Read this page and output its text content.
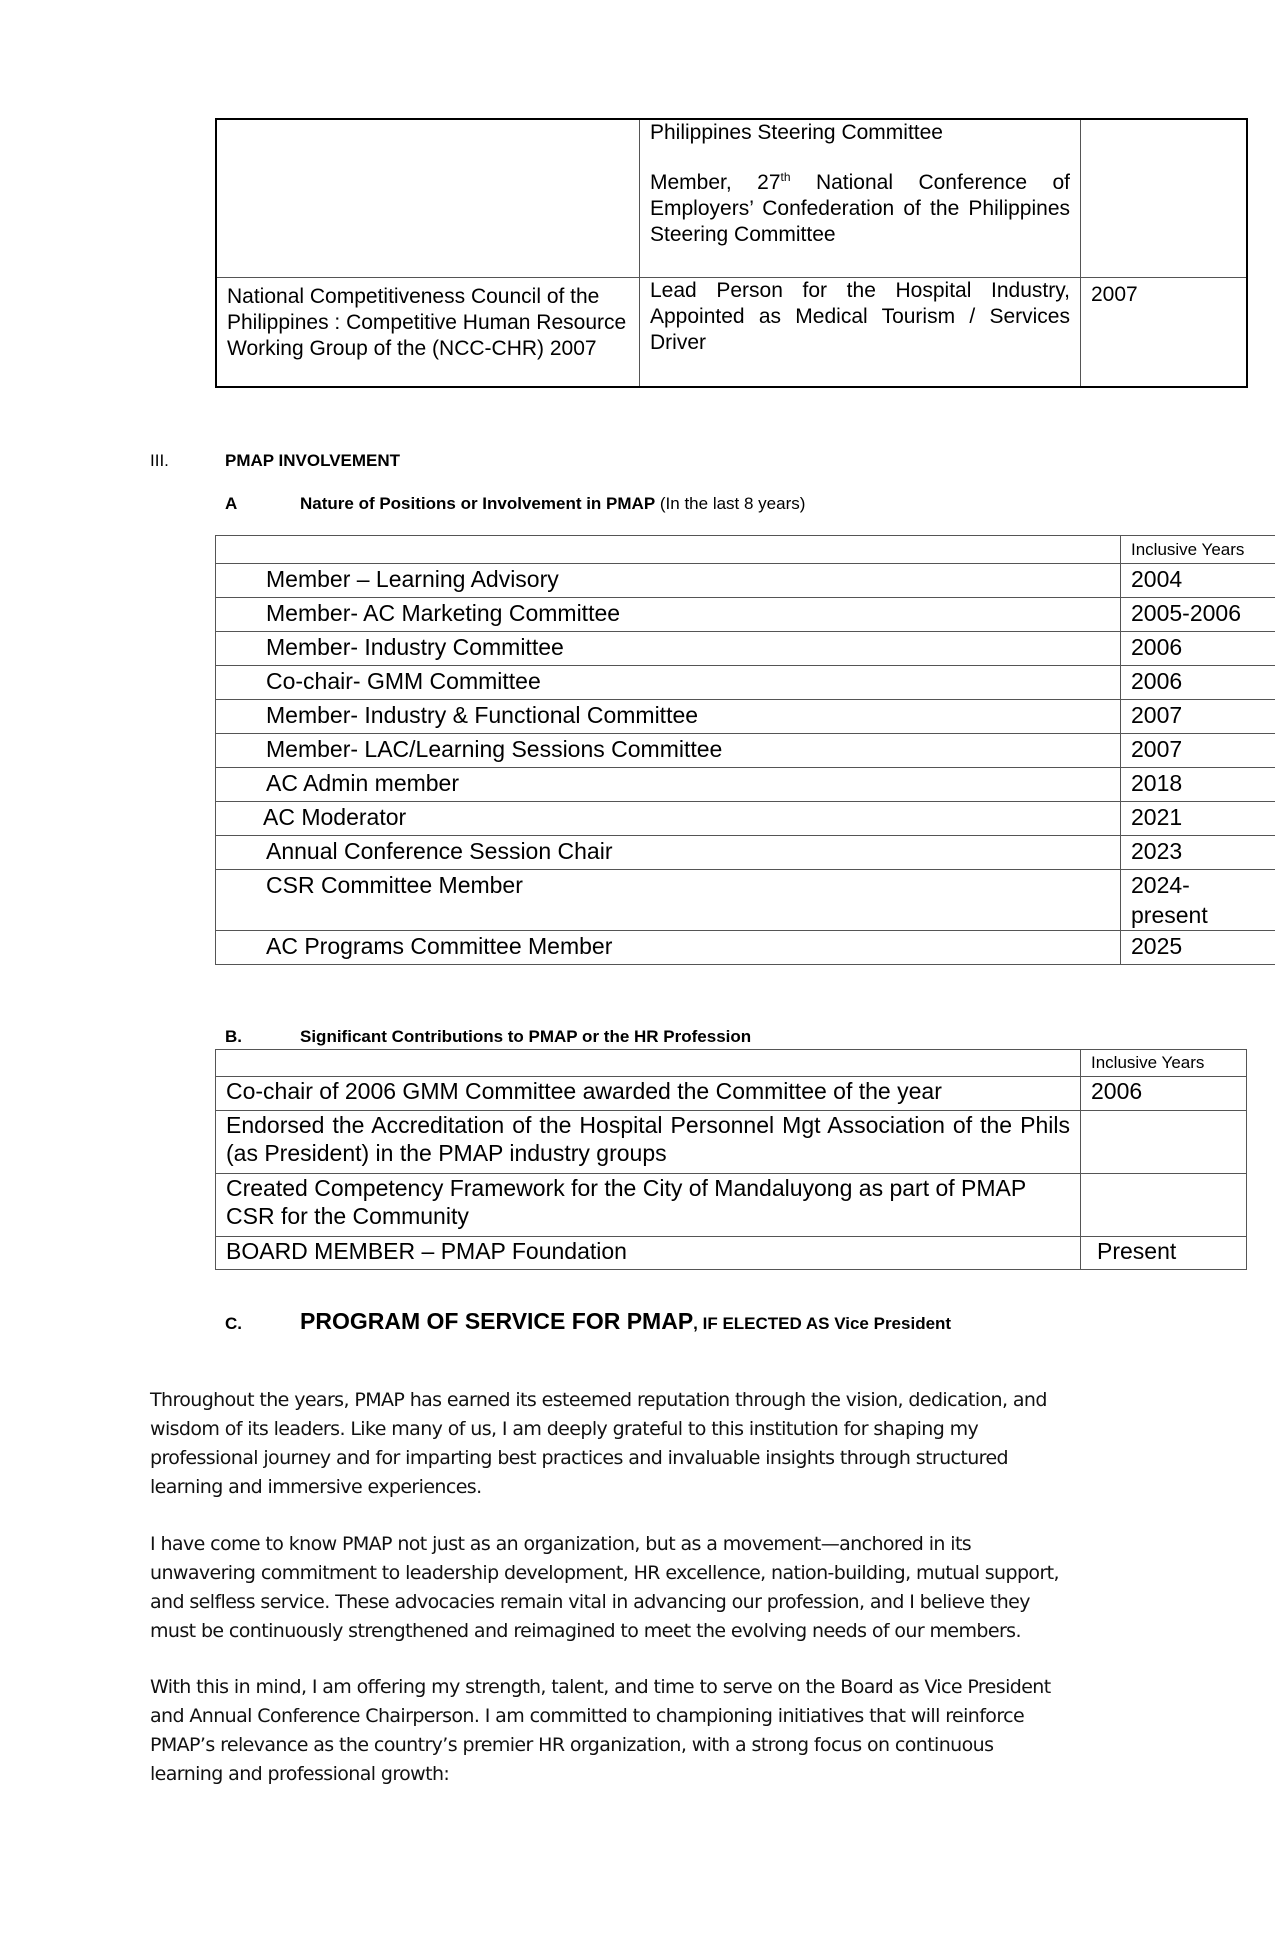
	Philippines Steering Committee

Member, 27th National Conference of Employers’ Confederation of the Philippines Steering Committee	

National Competitiveness Council of the Philippines : Competitive Human Resource Working Group of the (NCC-CHR) 2007	Lead Person for the Hospital Industry, Appointed as Medical Tourism / Services Driver	2007
III.	PMAP INVOLVEMENT
A	Nature of Positions or Involvement in PMAP (In the last 8 years)
	Inclusive Years
Member – Learning Advisory	2004
Member- AC Marketing Committee	2005-2006
Member- Industry Committee	2006
Co-chair- GMM Committee	2006
Member- Industry & Functional Committee	2007
Member- LAC/Learning Sessions Committee	2007
AC Admin member	2018
AC Moderator	2021
Annual Conference Session Chair	2023
CSR Committee Member	2024-
present
AC Programs Committee Member	2025
B.	Significant Contributions to PMAP or the HR Profession
	Inclusive Years
Co-chair of 2006 GMM Committee awarded the Committee of the year	2006
Endorsed the Accreditation of the Hospital Personnel Mgt Association of the Phils (as President) in the PMAP industry groups	
Created Competency Framework for the City of Mandaluyong as part of PMAP CSR for the Community	
BOARD MEMBER – PMAP Foundation	Present
C.	PROGRAM OF SERVICE FOR PMAP, IF ELECTED AS Vice President
Throughout the years, PMAP has earned its esteemed reputation through the vision, dedication, and
wisdom of its leaders. Like many of us, I am deeply grateful to this institution for shaping my
professional journey and for imparting best practices and invaluable insights through structured
learning and immersive experiences.
I have come to know PMAP not just as an organization, but as a movement—anchored in its
unwavering commitment to leadership development, HR excellence, nation-building, mutual support,
and selfless service. These advocacies remain vital in advancing our profession, and I believe they
must be continuously strengthened and reimagined to meet the evolving needs of our members.
With this in mind, I am offering my strength, talent, and time to serve on the Board as Vice President
and Annual Conference Chairperson. I am committed to championing initiatives that will reinforce
PMAP’s relevance as the country’s premier HR organization, with a strong focus on continuous
learning and professional growth:
